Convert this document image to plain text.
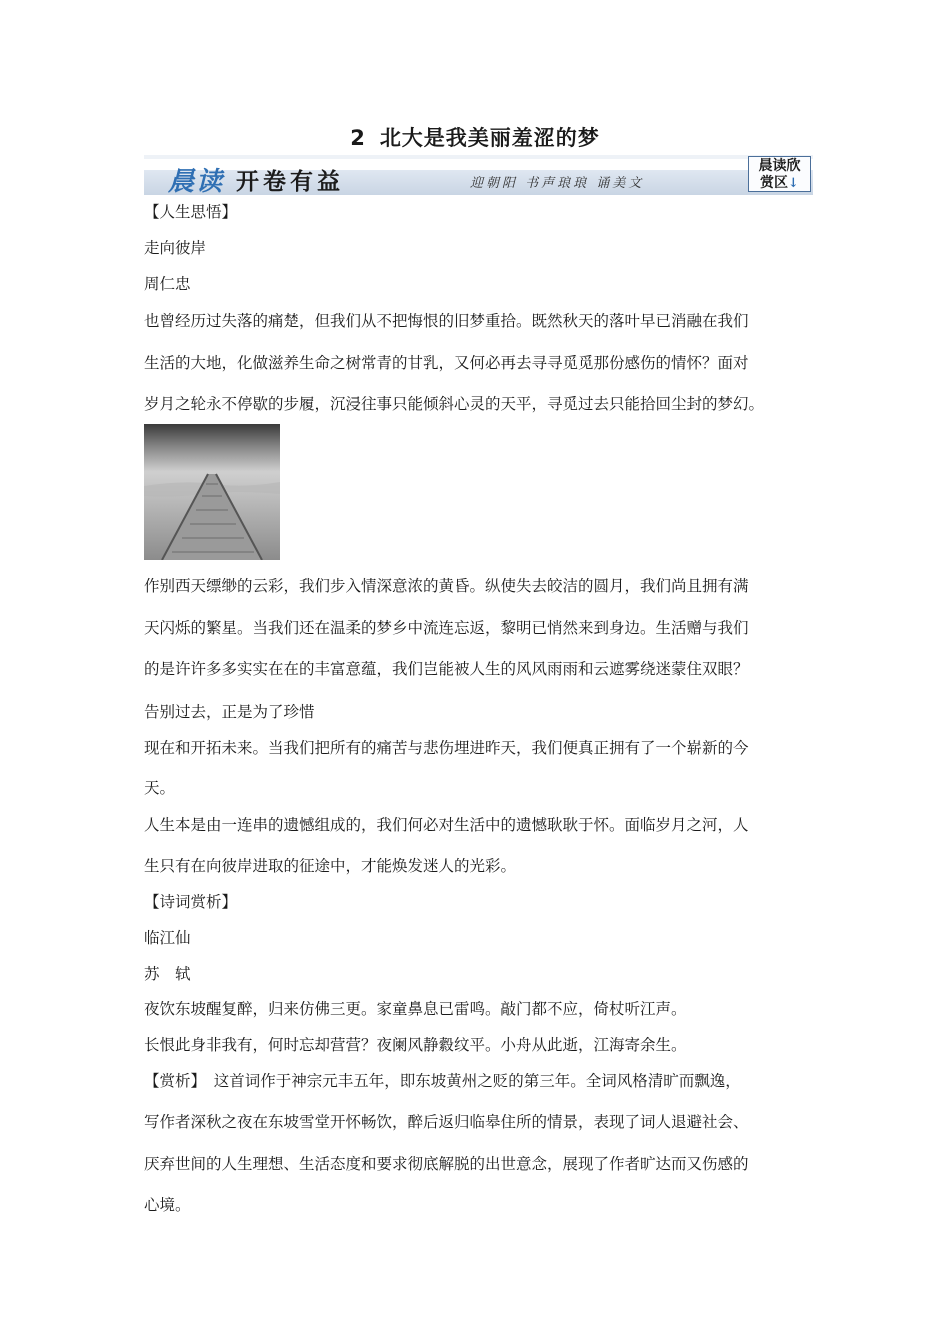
2 北大是我美丽羞涩的梦
晨读 开卷有益	迎朝阳 书声琅琅 诵美文
晨读欣
赏区↓
【人生思悟】
走向彼岸
周仁忠
也曾经历过失落的痛楚，但我们从不把悔恨的旧梦重拾。既然秋天的落叶早已消融在我们
生活的大地，化做滋养生命之树常青的甘乳，又何必再去寻寻觅觅那份感伤的情怀？面对
岁月之轮永不停歇的步履，沉浸往事只能倾斜心灵的天平，寻觅过去只能拾回尘封的梦幻。
作别西天缥缈的云彩，我们步入情深意浓的黄昏。纵使失去皎洁的圆月，我们尚且拥有满
天闪烁的繁星。当我们还在温柔的梦乡中流连忘返，黎明已悄然来到身边。生活赠与我们
的是许许多多实实在在的丰富意蕴，我们岂能被人生的风风雨雨和云遮雾绕迷蒙住双眼？
告别过去，正是为了珍惜
现在和开拓未来。当我们把所有的痛苦与悲伤埋进昨天，我们便真正拥有了一个崭新的今
天。
人生本是由一连串的遗憾组成的，我们何必对生活中的遗憾耿耿于怀。面临岁月之河，人
生只有在向彼岸进取的征途中，才能焕发迷人的光彩。
【诗词赏析】
临江仙
苏　轼
夜饮东坡醒复醉，归来仿佛三更。家童鼻息已雷鸣。敲门都不应，倚杖听江声。
长恨此身非我有，何时忘却营营？夜阑风静縠纹平。小舟从此逝，江海寄余生。
【赏析】　这首词作于神宗元丰五年，即东坡黄州之贬的第三年。全词风格清旷而飘逸，
写作者深秋之夜在东坡雪堂开怀畅饮，醉后返归临皋住所的情景，表现了词人退避社会、
厌弃世间的人生理想、生活态度和要求彻底解脱的出世意念，展现了作者旷达而又伤感的
心境。
